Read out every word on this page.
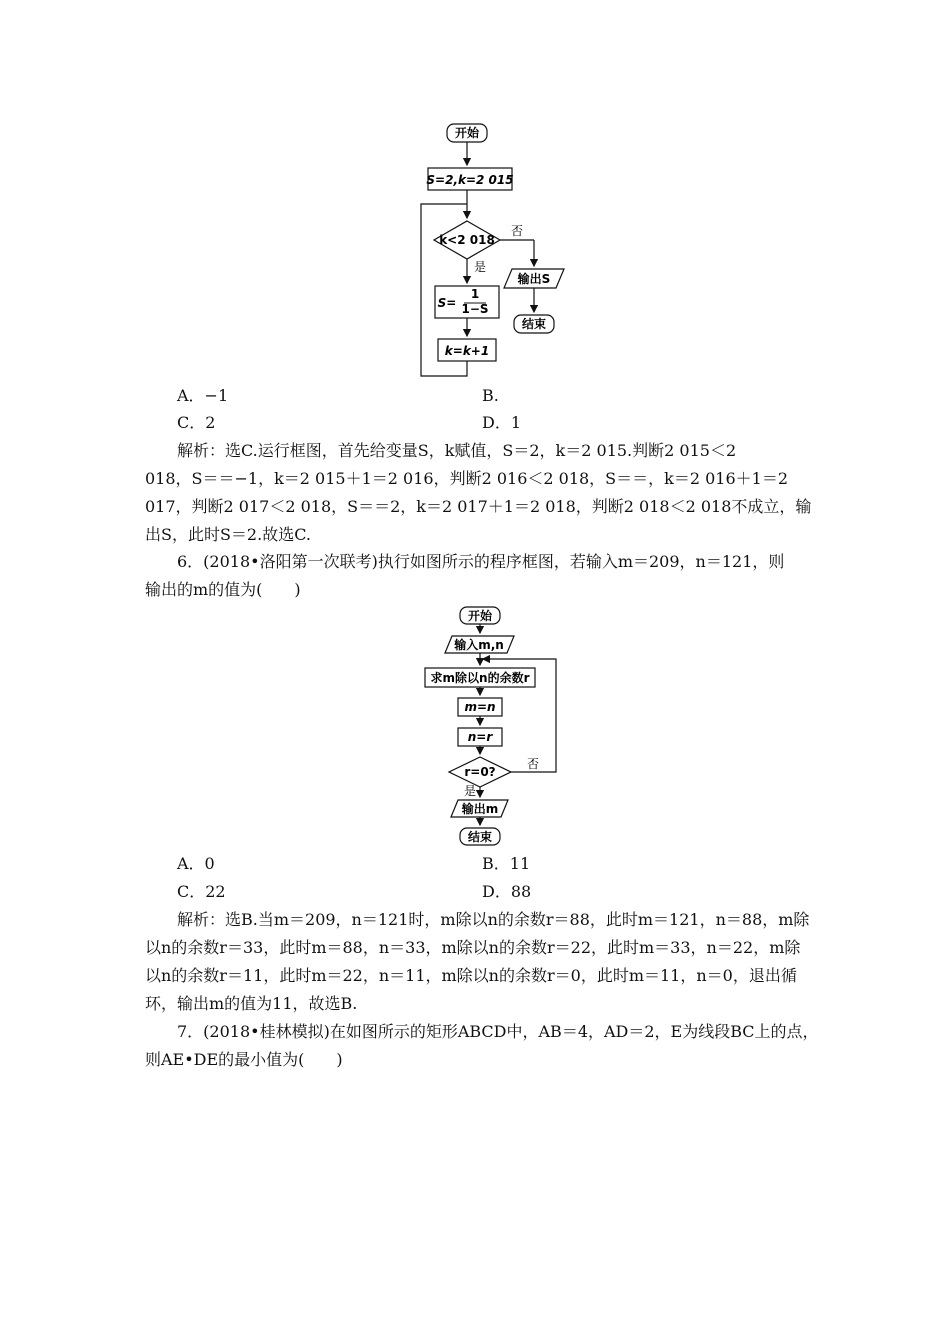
开始
S=2,k=2 015
k<2 018
否
是
S=
1
1−S
k=k+1
输出S
结束
A．−1	B.
C．2	D．1
解析：选C.运行框图，首先给变量S，k赋值，S＝2，k＝2 015.判断2 015＜2
018，S＝＝−1，k＝2 015＋1＝2 016，判断2 016＜2 018，S＝＝，k＝2 016＋1＝2
017，判断2 017＜2 018，S＝＝2，k＝2 017＋1＝2 018，判断2 018＜2 018不成立，输
出S，此时S＝2.故选C.
6．(2018•洛阳第一次联考)执行如图所示的程序框图，若输入m＝209，n＝121，则
输出的m的值为(　　)
开始
输入m,n
求m除以n的余数r
m=n
n=r
r=0?
否
是
输出m
结束
A．0	B．11
C．22	D．88
解析：选B.当m＝209，n＝121时，m除以n的余数r＝88，此时m＝121，n＝88，m除
以n的余数r＝33，此时m＝88，n＝33，m除以n的余数r＝22，此时m＝33，n＝22，m除
以n的余数r＝11，此时m＝22，n＝11，m除以n的余数r＝0，此时m＝11，n＝0，退出循
环，输出m的值为11，故选B.
7．(2018•桂林模拟)在如图所示的矩形ABCD中，AB＝4，AD＝2，E为线段BC上的点，
则AE•DE的最小值为(　　)
